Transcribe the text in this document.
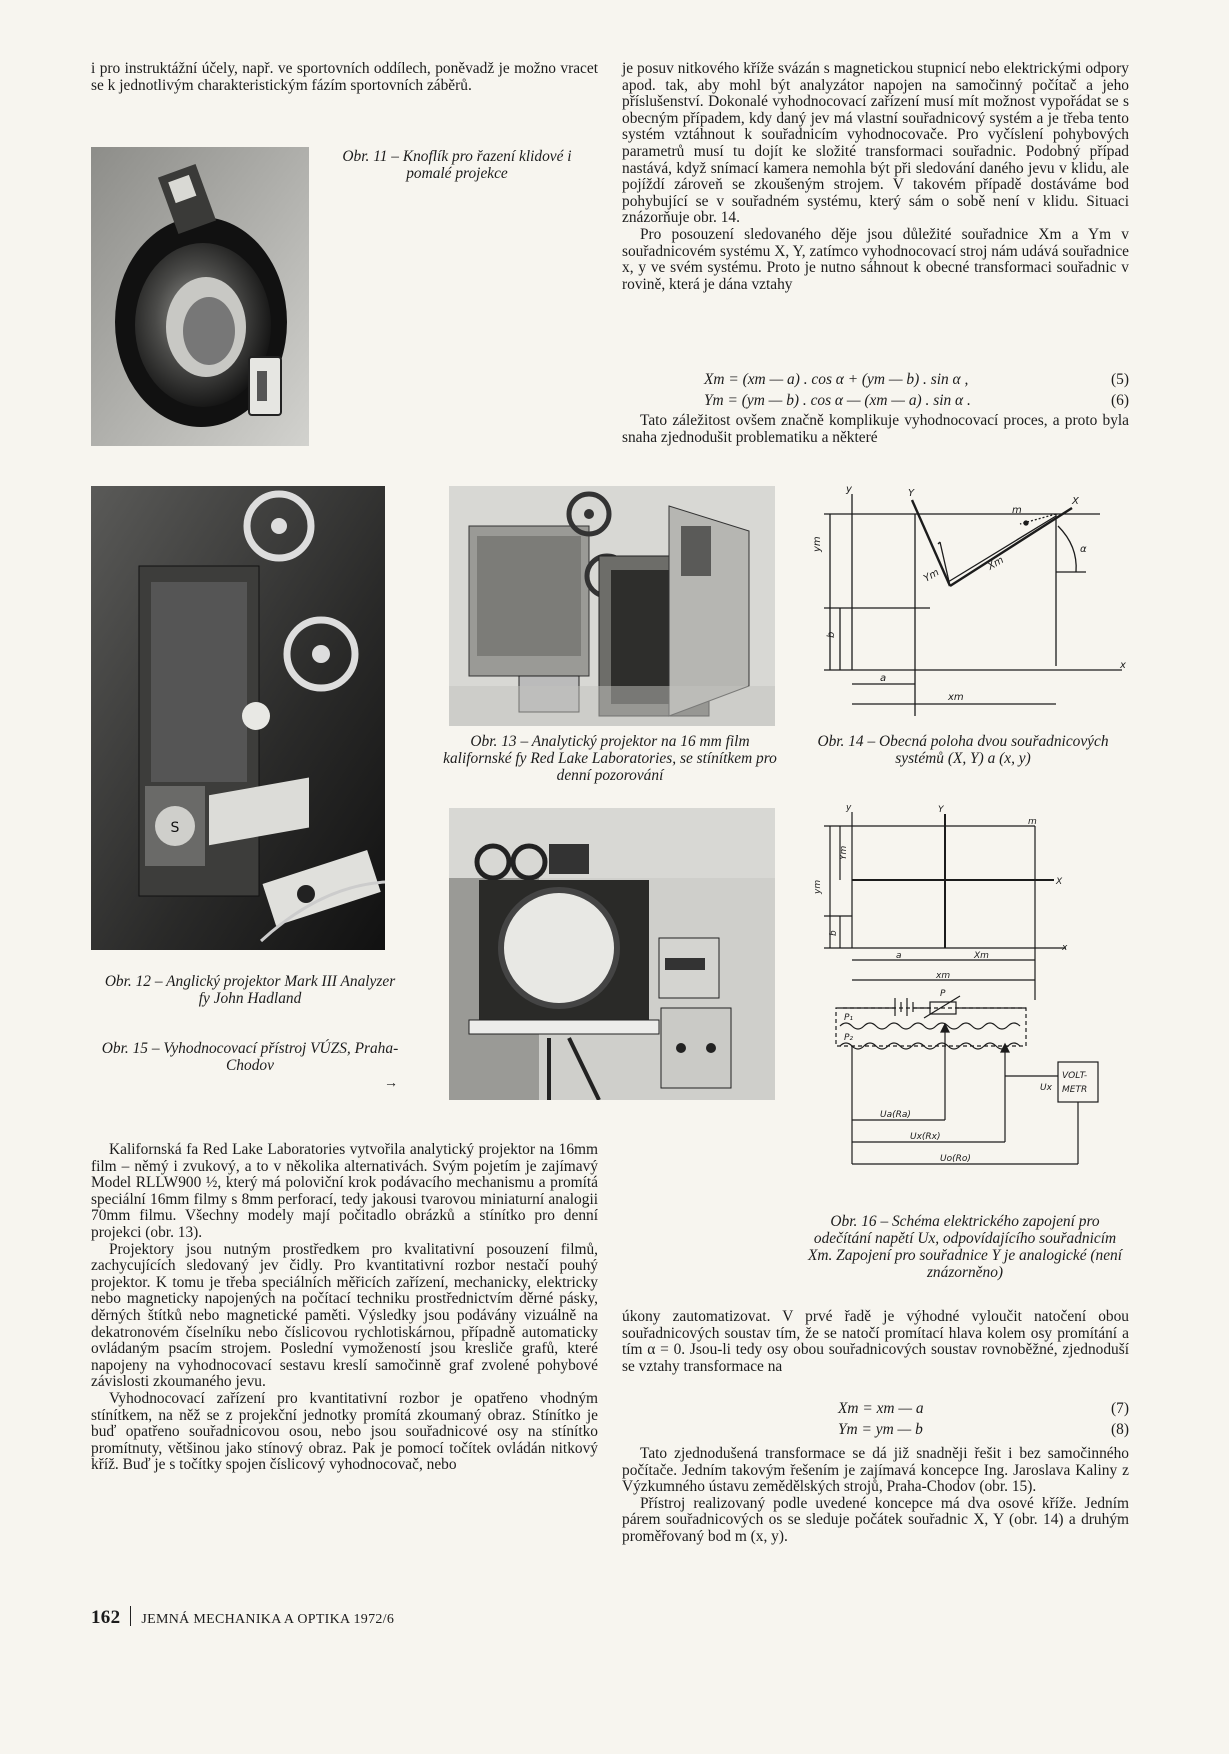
i pro instruktážní účely, např. ve sportovních oddílech, poněvadž je možno vracet se k jednotlivým charakteristickým fázím sportovních záběrů.

Obr. 11 – Knoflík pro řazení klidové i pomalé projekce

je posuv nitkového kříže svázán s magnetickou stupnicí nebo elektrickými odpory apod. tak, aby mohl být analyzátor napojen na samočinný počítač a jeho příslušenství. Dokonalé vyhodnocovací zařízení musí mít možnost vypořádat se s obecným případem, kdy daný jev má vlastní souřadnicový systém a je třeba tento systém vztáhnout k souřadnicím vyhodnocovače. Pro vyčíslení pohybových parametrů musí tu dojít ke složité transformaci souřadnic. Podobný případ nastává, když snímací kamera nemohla být při sledování daného jevu v klidu, ale pojíždí zároveň se zkoušeným strojem. V takovém případě dostáváme bod pohybující se v souřadném systému, který sám o sobě není v klidu. Situaci znázorňuje obr. 14.

Pro posouzení sledovaného děje jsou důležité souřadnice Xm a Ym v souřadnicovém systému X, Y, zatímco vyhodnocovací stroj nám udává souřadnice x, y ve svém systému. Proto je nutno sáhnout k obecné transformaci souřadnic v rovině, která je dána vztahy

Xm = (xm — a) . cos α + (ym — b) . sin α ,	(5)
Ym = (ym — b) . cos α — (xm — a) . sin α .	(6)

Tato záležitost ovšem značně komplikuje vyhodnocovací proces, a proto byla snaha zjednodušit problematiku a některé

S
Obr. 13 – Analytický projektor na 16 mm film kalifornské fy Red Lake Laboratories, se stínítkem pro denní pozorování
y	Y
m
X
α
Ym
Xm
ym
b
a
xm
x
Obr. 14 – Obecná poloha dvou souřadnicových systémů (X, Y) a (x, y)
y	Y
m
X
ym
Ym
b
a	Xm
xm
x
P
P₁
P₂
Ux
VOLT-
METR
Ua(Ra)
Ux(Rx)
Uo(Ro)
Obr. 12 – Anglický projektor Mark III Analyzer fy John Hadland
Obr. 15 – Vyhodnocovací přístroj VÚZS, Praha-Chodov
→
Obr. 16 – Schéma elektrického zapojení pro odečítání napětí Ux, odpovídajícího souřadnicím Xm. Zapojení pro souřadnice Y je analogické (není znázorněno)

Kalifornská fa Red Lake Laboratories vytvořila analytický projektor na 16mm film – němý i zvukový, a to v několika alternativách. Svým pojetím je zajímavý Model RLLW900 ½, který má poloviční krok podávacího mechanismu a promítá speciální 16mm filmy s 8mm perforací, tedy jakousi tvarovou miniaturní analogii 70mm filmu. Všechny modely mají počitadlo obrázků a stínítko pro denní projekci (obr. 13).

Projektory jsou nutným prostředkem pro kvalitativní posouzení filmů, zachycujících sledovaný jev čidly. Pro kvantitativní rozbor nestačí pouhý projektor. K tomu je třeba speciálních měřicích zařízení, mechanicky, elektricky nebo magneticky napojených na počítací techniku prostřednictvím děrné pásky, děrných štítků nebo magnetické paměti. Výsledky jsou podávány vizuálně na dekatronovém číselníku nebo číslicovou rychlotiskárnou, případně automaticky ovládaným psacím strojem. Poslední vymožeností jsou kresliče grafů, které napojeny na vyhodnocovací sestavu kreslí samočinně graf zvolené pohybové závislosti zkoumaného jevu.

Vyhodnocovací zařízení pro kvantitativní rozbor je opatřeno vhodným stínítkem, na něž se z projekční jednotky promítá zkoumaný obraz. Stínítko je buď opatřeno souřadnicovou osou, nebo jsou souřadnicové osy na stínítko promítnuty, většinou jako stínový obraz. Pak je pomocí točítek ovládán nitkový kříž. Buď je s točítky spojen číslicový vyhodnocovač, nebo

úkony zautomatizovat. V prvé řadě je výhodné vyloučit natočení obou souřadnicových soustav tím, že se natočí promítací hlava kolem osy promítání a tím α = 0. Jsou-li tedy osy obou souřadnicových soustav rovnoběžné, zjednoduší se vztahy transformace na

Xm = xm — a	(7)
Ym = ym — b	(8)

Tato zjednodušená transformace se dá již snadněji řešit i bez samočinného počítače. Jedním takovým řešením je zajímavá koncepce Ing. Jaroslava Kaliny z Výzkumného ústavu zemědělských strojů, Praha-Chodov (obr. 15).

Přístroj realizovaný podle uvedené koncepce má dva osové kříže. Jedním párem souřadnicových os se sleduje počátek souřadnic X, Y (obr. 14) a druhým proměřovaný bod m (x, y).

162 JEMNÁ MECHANIKA A OPTIKA 1972/6
